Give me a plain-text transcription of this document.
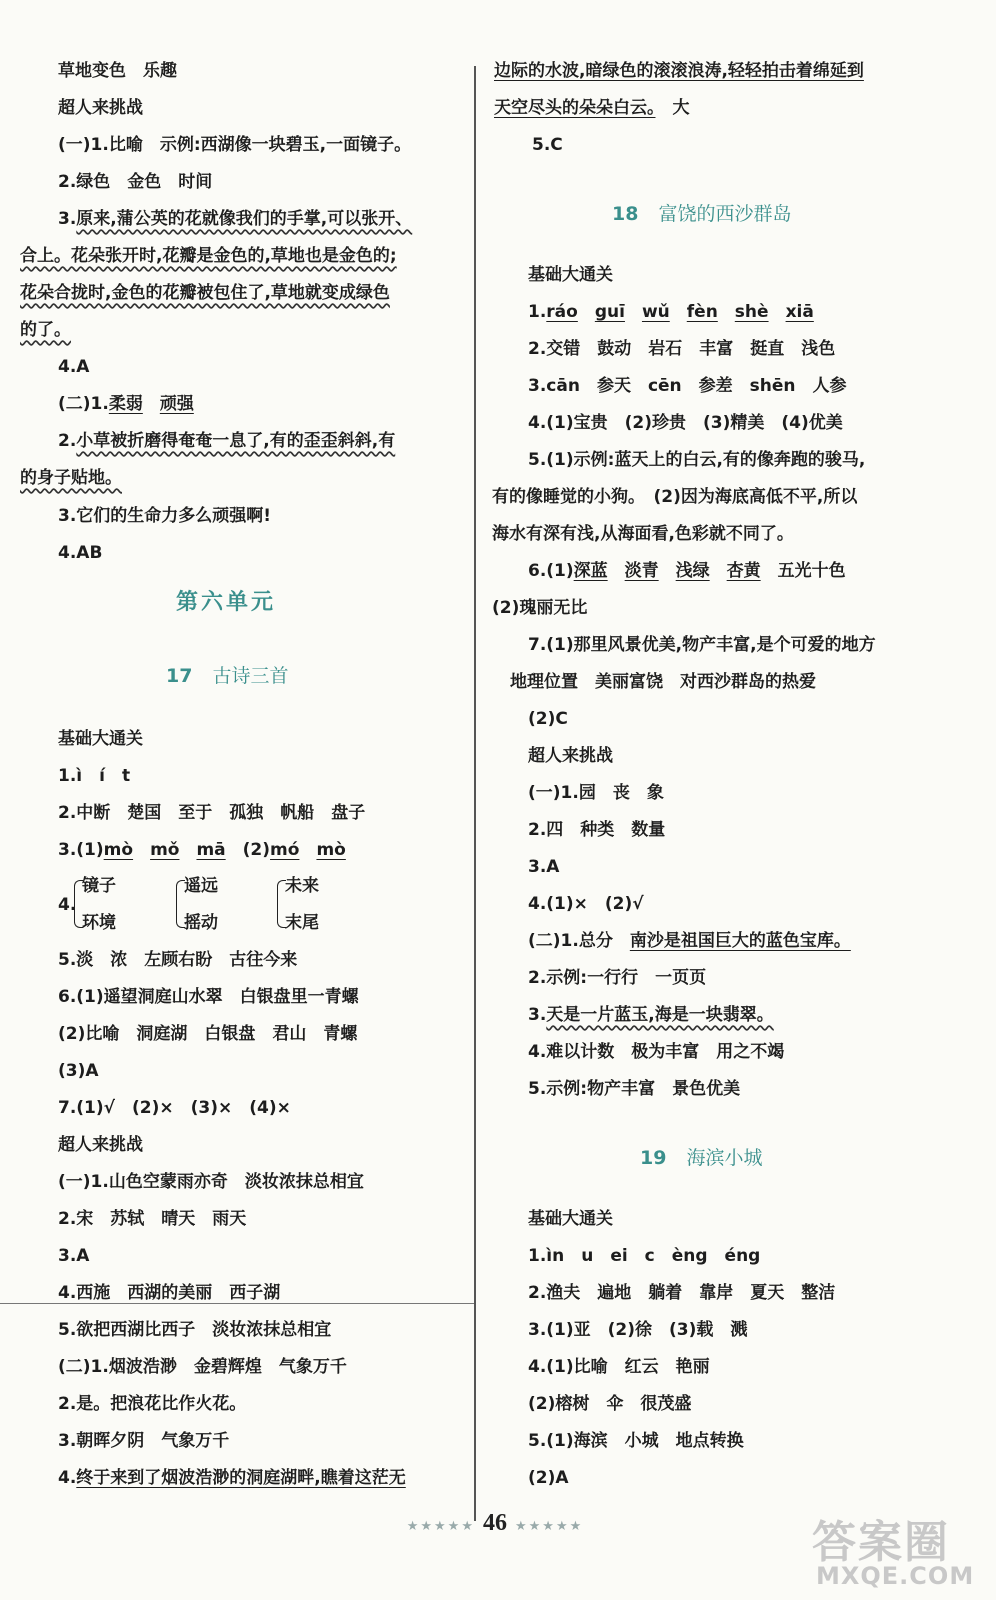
草地变色　乐趣
超人来挑战
(一)1.比喻　示例:西湖像一块碧玉,一面镜子。
2.绿色　金色　时间
3.原来,蒲公英的花就像我们的手掌,可以张开、
合上。花朵张开时,花瓣是金色的,草地也是金色的;
花朵合拢时,金色的花瓣被包住了,草地就变成绿色
的了。
4.A
(二)1.柔弱　 顽强
2.小草被折磨得奄奄一息了,有的歪歪斜斜,有
的身子贴地。
3.它们的生命力多么顽强啊!
4.AB
第六单元
17 古诗三首
基础大通关
1.ì　í　t
2.中断　楚国　至于　孤独　帆船　盘子
3.(1)mò　 mǒ　 mā　 (2)mó　 mò
4.
镜子
环境
遥远
摇动
未来
末尾
5.淡　浓　左顾右盼　古往今来
6.(1)遥望洞庭山水翠　白银盘里一青螺
(2)比喻　洞庭湖　白银盘　君山　青螺
(3)A
7.(1)√　(2)×　(3)×　(4)×
超人来挑战
(一)1.山色空蒙雨亦奇　淡妆浓抹总相宜
2.宋　苏轼　晴天　雨天
3.A
4.西施　西湖的美丽　西子湖
5.欲把西湖比西子　淡妆浓抹总相宜
(二)1.烟波浩渺　金碧辉煌　气象万千
2.是。把浪花比作火花。
3.朝晖夕阴　气象万千
4.终于来到了烟波浩渺的洞庭湖畔,瞧着这茫无
边际的水波,暗绿色的滚滚浪涛,轻轻拍击着绵延到
天空尽头的朵朵白云。　 大
5.C
18 富饶的西沙群岛
基础大通关
1.ráo　 guī　 wǔ　 fèn　 shè　 xiā
2.交错　鼓动　岩石　丰富　挺直　浅色
3.cān　参天　cēn　参差　shēn　人参
4.(1)宝贵　(2)珍贵　(3)精美　(4)优美
5.(1)示例:蓝天上的白云,有的像奔跑的骏马,
有的像睡觉的小狗。　(2)因为海底高低不平,所以
海水有深有浅,从海面看,色彩就不同了。
6.(1)深蓝　 淡青　 浅绿　 杏黄　 五光十色
(2)瑰丽无比
7.(1)那里风景优美,物产丰富,是个可爱的地方
地理位置　美丽富饶　对西沙群岛的热爱
(2)C
超人来挑战
(一)1.园　 丧　 象
2.四　种类　数量
3.A
4.(1)×　(2)√
(二)1.总分　南沙是祖国巨大的蓝色宝库。
2.示例:一行行　一页页
3.天是一片蓝玉,海是一块翡翠。
4.难以计数　极为丰富　用之不竭
5.示例:物产丰富　景色优美
19 海滨小城
基础大通关
1.ìn　u　ei　c　èng　éng
2.渔夫　遍地　躺着　靠岸　夏天　整洁
3.(1)亚　(2)徐　(3)载　溅
4.(1)比喻　红云　艳丽
(2)榕树　伞　很茂盛
5.(1)海滨　小城　地点转换
(2)A
★★★★★ 46 ★★★★★	答案圈
MXQE.COM
